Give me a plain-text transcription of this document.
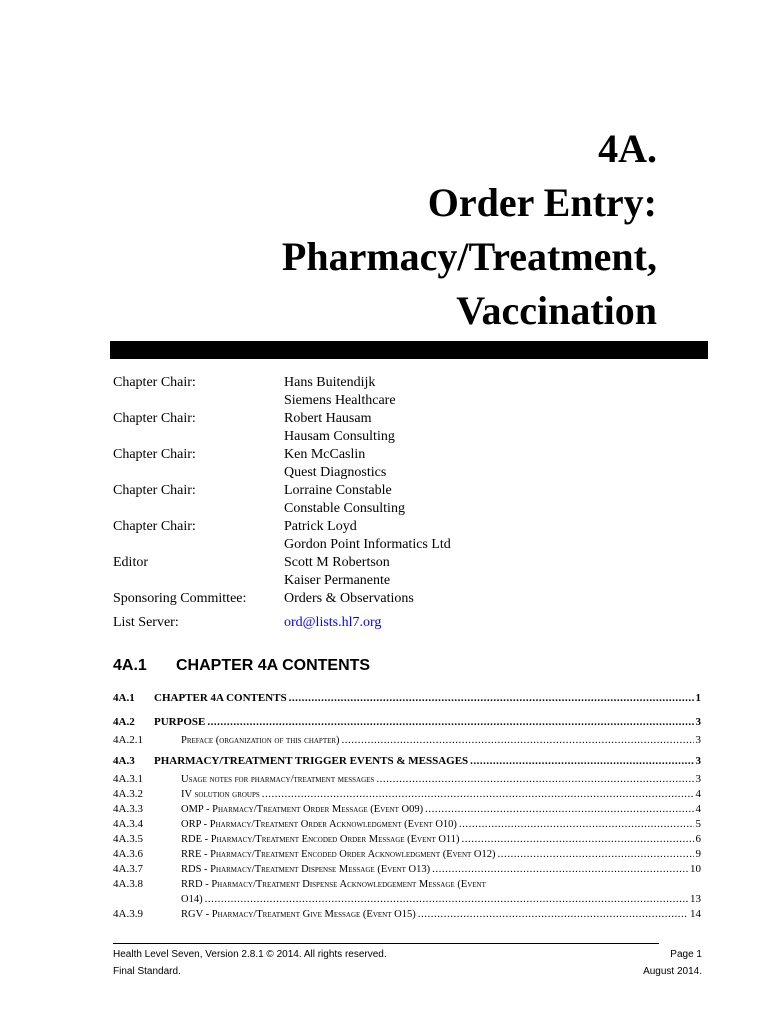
4A.
Order Entry:
Pharmacy/Treatment,
Vaccination
Chapter Chair:	Hans Buitendijk
Siemens Healthcare
Chapter Chair:	Robert Hausam
Hausam Consulting
Chapter Chair:	Ken McCaslin
Quest Diagnostics
Chapter Chair:	Lorraine Constable
Constable Consulting
Chapter Chair:	Patrick Loyd
Gordon Point Informatics Ltd
Editor	Scott M Robertson
Kaiser Permanente
Sponsoring Committee:	Orders & Observations
List Server:	ord@lists.hl7.org
4A.1 CHAPTER 4A CONTENTS
4A.1	CHAPTER 4A CONTENTS .....	1
4A.2	PURPOSE .....	3
4A.2.1	Preface (organization of this chapter) .....	3
4A.3	PHARMACY/TREATMENT TRIGGER EVENTS & MESSAGES .....	3
4A.3.1	Usage notes for pharmacy/treatment messages .....	3
4A.3.2	IV solution groups .....	4
4A.3.3	OMP - Pharmacy/Treatment Order Message (Event O09) .....	4
4A.3.4	ORP - Pharmacy/Treatment Order Acknowledgment (Event O10) .....	5
4A.3.5	RDE - Pharmacy/Treatment Encoded Order Message (Event O11) .....	6
4A.3.6	RRE - Pharmacy/Treatment Encoded Order Acknowledgment (Event O12) .....	9
4A.3.7	RDS - Pharmacy/Treatment Dispense Message (Event O13) .....	10
4A.3.8	RRD - Pharmacy/Treatment Dispense Acknowledgement Message (Event
O14) .....	13
4A.3.9	RGV - Pharmacy/Treatment Give Message (Event O15) .....	14
Health Level Seven, Version 2.8.1 © 2014. All rights reserved.	Page 1
Final Standard.	August 2014.
